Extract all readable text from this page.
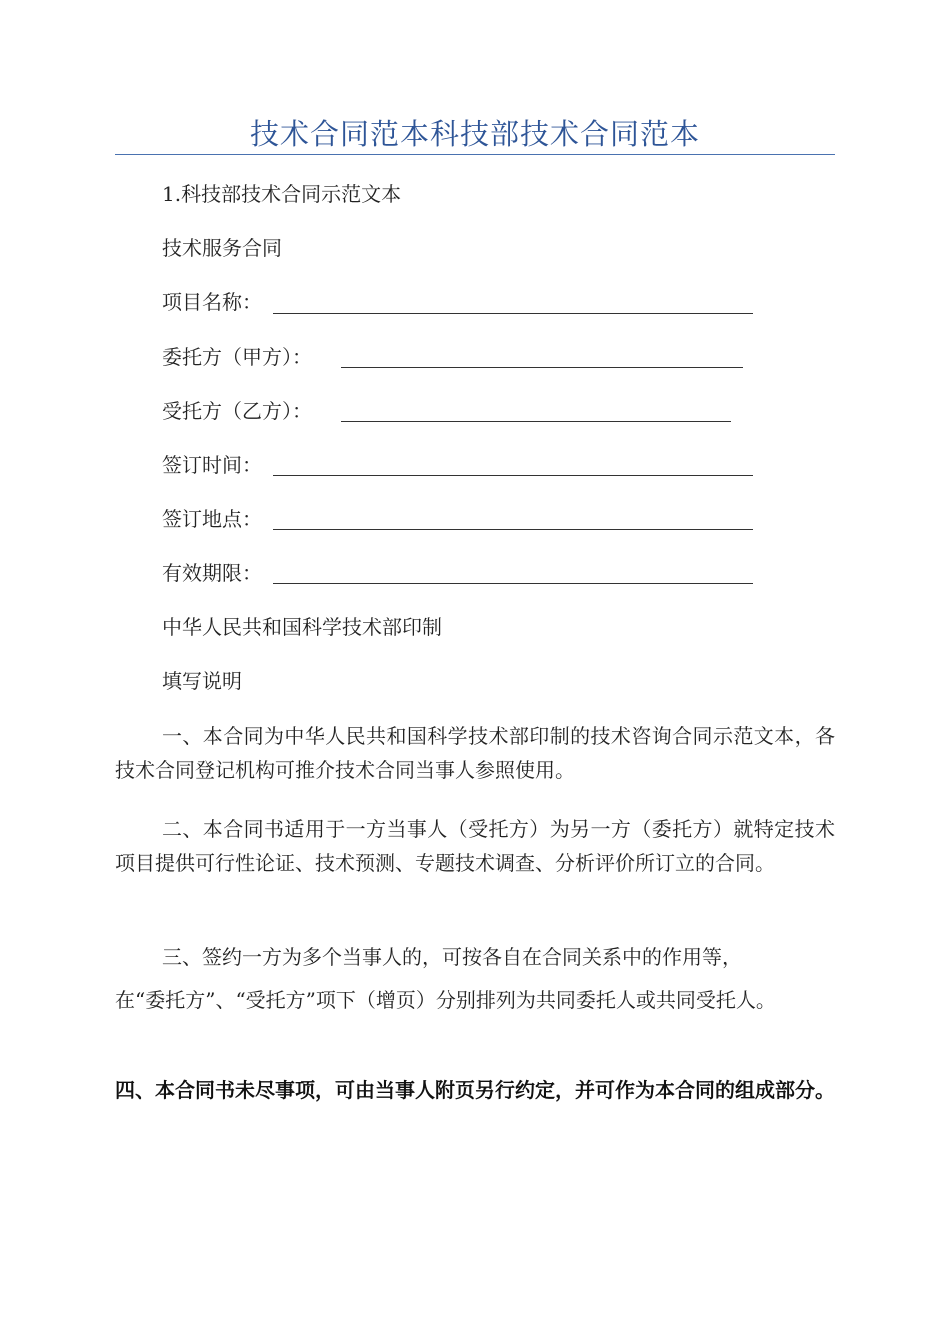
技术合同范本科技部技术合同范本
1.科技部技术合同示范文本
技术服务合同
项目名称：
委托方（甲方）：
受托方（乙方）：
签订时间：
签订地点：
有效期限：
中华人民共和国科学技术部印制
填写说明
一、本合同为中华人民共和国科学技术部印制的技术咨询合同示范文本，各技术合同登记机构可推介技术合同当事人参照使用。
二、本合同书适用于一方当事人（受托方）为另一方（委托方）就特定技术项目提供可行性论证、技术预测、专题技术调查、分析评价所订立的合同。
三、签约一方为多个当事人的，可按各自在合同关系中的作用等，
在“委托方”、“受托方”项下（增页）分别排列为共同委托人或共同受托人。
四、本合同书未尽事项，可由当事人附页另行约定，并可作为本合同的组成部分。
